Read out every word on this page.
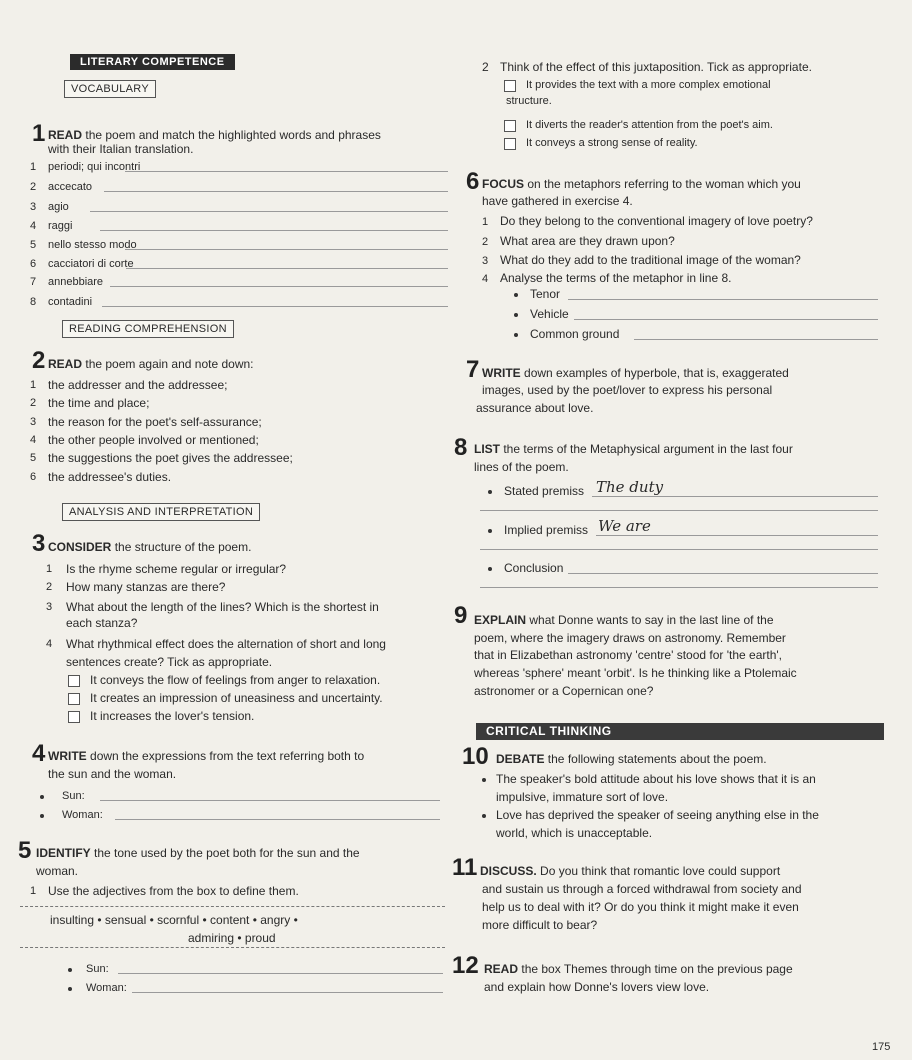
LITERARY COMPETENCE
VOCABULARY
1 READ the poem and match the highlighted words and phrases
with their Italian translation.
1 periodi; qui incontri
2 accecato
3 agio
4 raggi
5 nello stesso modo
6 cacciatori di corte
7 annebbiare
8 contadini
READING COMPREHENSION
2 READ the poem again and note down:
1 the addresser and the addressee;
2 the time and place;
3 the reason for the poet's self-assurance;
4 the other people involved or mentioned;
5 the suggestions the poet gives the addressee;
6 the addressee's duties.
ANALYSIS AND INTERPRETATION
3 CONSIDER the structure of the poem.
1 Is the rhyme scheme regular or irregular?
2 How many stanzas are there?
3 What about the length of the lines? Which is the shortest in
each stanza?
4 What rhythmical effect does the alternation of short and long
sentences create? Tick as appropriate.
It conveys the flow of feelings from anger to relaxation.
It creates an impression of uneasiness and uncertainty.
It increases the lover's tension.
4 WRITE down the expressions from the text referring both to
the sun and the woman.
Sun:
Woman:
5 IDENTIFY the tone used by the poet both for the sun and the
woman.
1 Use the adjectives from the box to define them.
insulting • sensual • scornful • content • angry •
admiring • proud
Sun:
Woman:
2 Think of the effect of this juxtaposition. Tick as appropriate.
It provides the text with a more complex emotional
structure.
It diverts the reader's attention from the poet's aim.
It conveys a strong sense of reality.
6 FOCUS on the metaphors referring to the woman which you
have gathered in exercise 4.
1 Do they belong to the conventional imagery of love poetry?
2 What area are they drawn upon?
3 What do they add to the traditional image of the woman?
4 Analyse the terms of the metaphor in line 8.
Tenor
Vehicle
Common ground
7 WRITE down examples of hyperbole, that is, exaggerated
images, used by the poet/lover to express his personal
assurance about love.
8 LIST the terms of the Metaphysical argument in the last four
lines of the poem.
Stated premiss The duty
Implied premiss We are
Conclusion
9 EXPLAIN what Donne wants to say in the last line of the
poem, where the imagery draws on astronomy. Remember
that in Elizabethan astronomy 'centre' stood for 'the earth',
whereas 'sphere' meant 'orbit'. Is he thinking like a Ptolemaic
astronomer or a Copernican one?
CRITICAL THINKING
10 DEBATE the following statements about the poem.
The speaker's bold attitude about his love shows that it is an
impulsive, immature sort of love.
Love has deprived the speaker of seeing anything else in the
world, which is unacceptable.
11 DISCUSS. Do you think that romantic love could support
and sustain us through a forced withdrawal from society and
help us to deal with it? Or do you think it might make it even
more difficult to bear?
12 READ the box Themes through time on the previous page
and explain how Donne's lovers view love.
175
